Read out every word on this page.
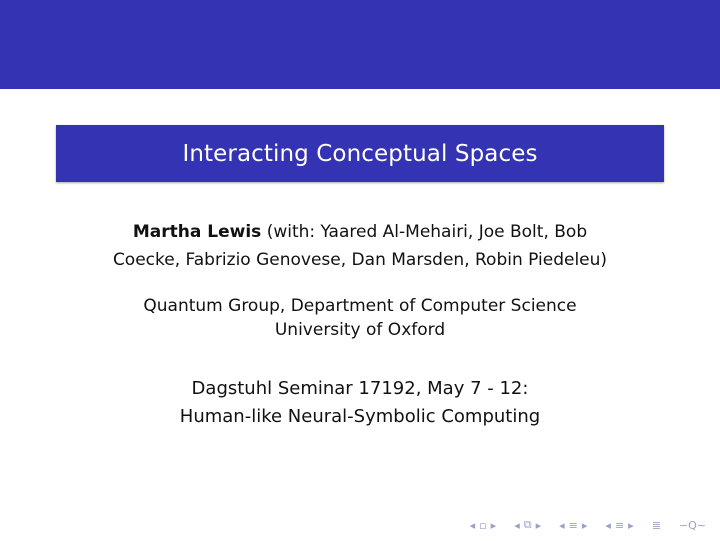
Interacting Conceptual Spaces
Martha Lewis (with: Yaared Al-Mehairi, Joe Bolt, Bob
Coecke, Fabrizio Genovese, Dan Marsden, Robin Piedeleu)
Quantum Group, Department of Computer Science
University of Oxford
Dagstuhl Seminar 17192, May 7 - 12:
Human-like Neural-Symbolic Computing
◂ ▫ ▸ ◂ ⧉ ▸ ◂ ≡ ▸ ◂ ≡ ▸ ≣ ∽Q∼
